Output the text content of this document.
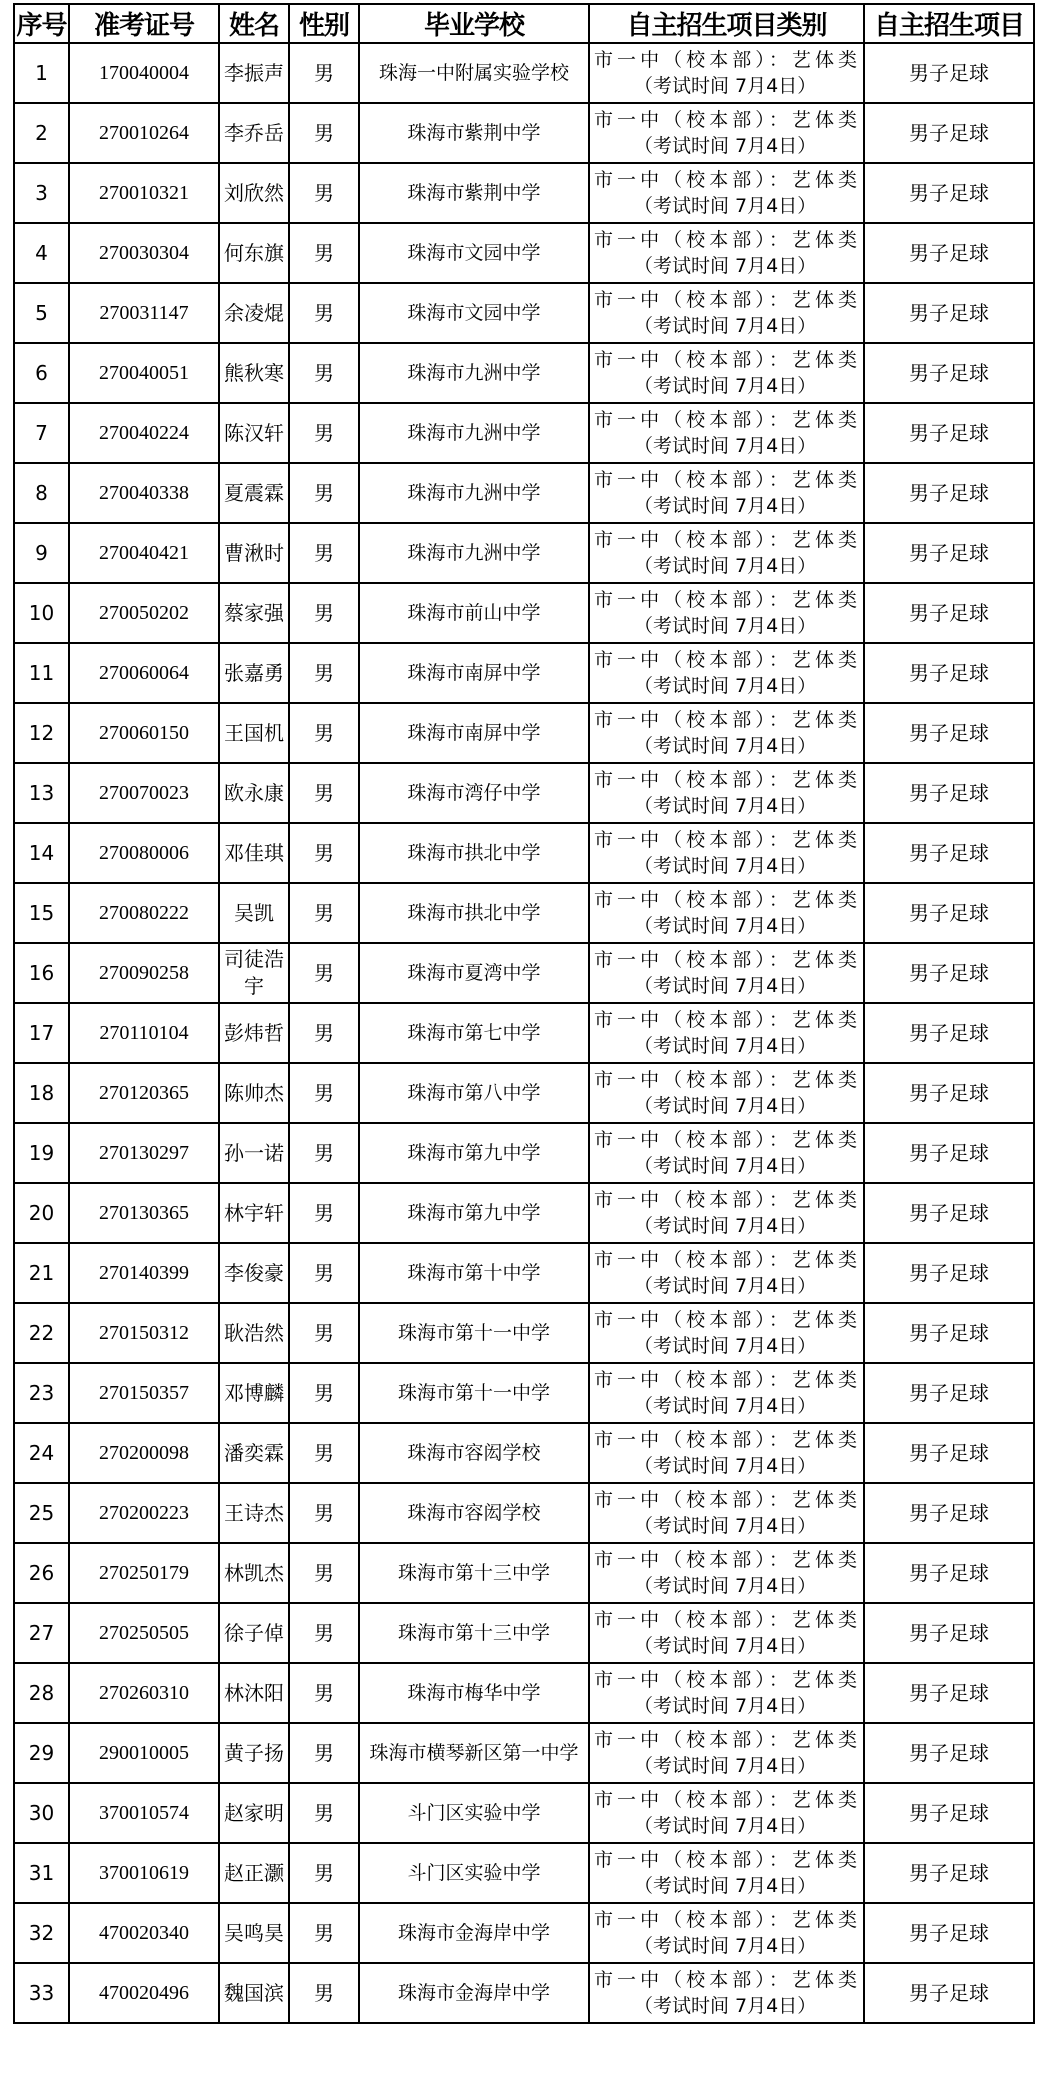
序号	准考证号	姓名	性别	毕业学校	自主招生项目类别	自主招生项目
1	170040004	李振声	男	珠海一中附属实验学校	市一中（校本部）：艺体类
（考试时间 7月4日）	男子足球
2	270010264	李乔岳	男	珠海市紫荆中学	市一中（校本部）：艺体类
（考试时间 7月4日）	男子足球
3	270010321	刘欣然	男	珠海市紫荆中学	市一中（校本部）：艺体类
（考试时间 7月4日）	男子足球
4	270030304	何东旗	男	珠海市文园中学	市一中（校本部）：艺体类
（考试时间 7月4日）	男子足球
5	270031147	余凌焜	男	珠海市文园中学	市一中（校本部）：艺体类
（考试时间 7月4日）	男子足球
6	270040051	熊秋寒	男	珠海市九洲中学	市一中（校本部）：艺体类
（考试时间 7月4日）	男子足球
7	270040224	陈汉轩	男	珠海市九洲中学	市一中（校本部）：艺体类
（考试时间 7月4日）	男子足球
8	270040338	夏震霖	男	珠海市九洲中学	市一中（校本部）：艺体类
（考试时间 7月4日）	男子足球
9	270040421	曹湫时	男	珠海市九洲中学	市一中（校本部）：艺体类
（考试时间 7月4日）	男子足球
10	270050202	蔡家强	男	珠海市前山中学	市一中（校本部）：艺体类
（考试时间 7月4日）	男子足球
11	270060064	张嘉勇	男	珠海市南屏中学	市一中（校本部）：艺体类
（考试时间 7月4日）	男子足球
12	270060150	王国机	男	珠海市南屏中学	市一中（校本部）：艺体类
（考试时间 7月4日）	男子足球
13	270070023	欧永康	男	珠海市湾仔中学	市一中（校本部）：艺体类
（考试时间 7月4日）	男子足球
14	270080006	邓佳琪	男	珠海市拱北中学	市一中（校本部）：艺体类
（考试时间 7月4日）	男子足球
15	270080222	吴凯	男	珠海市拱北中学	市一中（校本部）：艺体类
（考试时间 7月4日）	男子足球
16	270090258	司徒浩宇	男	珠海市夏湾中学	市一中（校本部）：艺体类
（考试时间 7月4日）	男子足球
17	270110104	彭炜哲	男	珠海市第七中学	市一中（校本部）：艺体类
（考试时间 7月4日）	男子足球
18	270120365	陈帅杰	男	珠海市第八中学	市一中（校本部）：艺体类
（考试时间 7月4日）	男子足球
19	270130297	孙一诺	男	珠海市第九中学	市一中（校本部）：艺体类
（考试时间 7月4日）	男子足球
20	270130365	林宇轩	男	珠海市第九中学	市一中（校本部）：艺体类
（考试时间 7月4日）	男子足球
21	270140399	李俊豪	男	珠海市第十中学	市一中（校本部）：艺体类
（考试时间 7月4日）	男子足球
22	270150312	耿浩然	男	珠海市第十一中学	市一中（校本部）：艺体类
（考试时间 7月4日）	男子足球
23	270150357	邓博麟	男	珠海市第十一中学	市一中（校本部）：艺体类
（考试时间 7月4日）	男子足球
24	270200098	潘奕霖	男	珠海市容闳学校	市一中（校本部）：艺体类
（考试时间 7月4日）	男子足球
25	270200223	王诗杰	男	珠海市容闳学校	市一中（校本部）：艺体类
（考试时间 7月4日）	男子足球
26	270250179	林凯杰	男	珠海市第十三中学	市一中（校本部）：艺体类
（考试时间 7月4日）	男子足球
27	270250505	徐子倬	男	珠海市第十三中学	市一中（校本部）：艺体类
（考试时间 7月4日）	男子足球
28	270260310	林沐阳	男	珠海市梅华中学	市一中（校本部）：艺体类
（考试时间 7月4日）	男子足球
29	290010005	黄子扬	男	珠海市横琴新区第一中学	市一中（校本部）：艺体类
（考试时间 7月4日）	男子足球
30	370010574	赵家明	男	斗门区实验中学	市一中（校本部）：艺体类
（考试时间 7月4日）	男子足球
31	370010619	赵正灏	男	斗门区实验中学	市一中（校本部）：艺体类
（考试时间 7月4日）	男子足球
32	470020340	吴鸣昊	男	珠海市金海岸中学	市一中（校本部）：艺体类
（考试时间 7月4日）	男子足球
33	470020496	魏国滨	男	珠海市金海岸中学	市一中（校本部）：艺体类
（考试时间 7月4日）	男子足球
